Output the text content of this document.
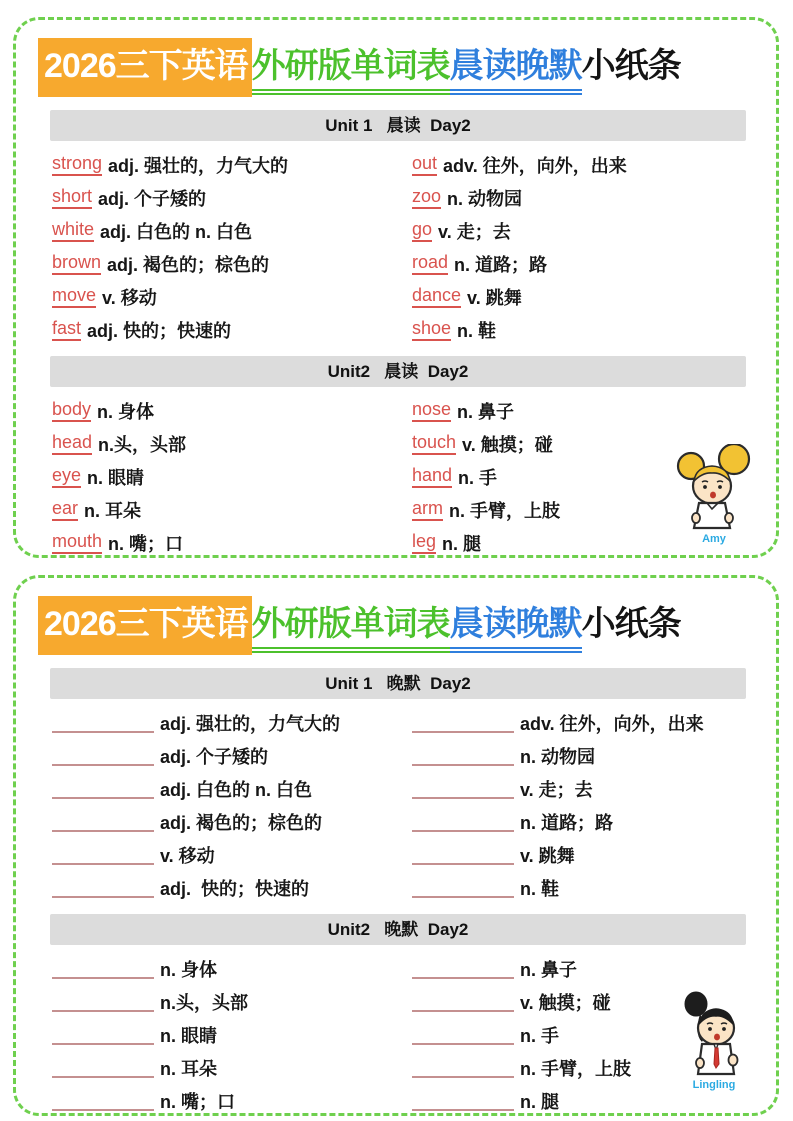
2026三下英语 外研版单词表晨读晚默小纸条
Unit 1   晨读  Day2
strong adj. 强壮的，力气大的
short adj. 个子矮的
white adj. 白色的 n. 白色
brown adj. 褐色的；棕色的
move v. 移动
fast adj. 快的；快速的
out adv. 往外，向外，出来
zoo n. 动物园
go v. 走；去
road n. 道路；路
dance v. 跳舞
shoe n. 鞋
Unit2   晨读  Day2
body n. 身体
head n.头，头部
eye n. 眼睛
ear n. 耳朵
mouth n. 嘴；口
nose n. 鼻子
touch v. 触摸；碰
hand n. 手
arm n. 手臂，上肢
leg n. 腿	Amy
2026三下英语 外研版单词表晨读晚默小纸条
Unit 1   晚默  Day2
adj. 强壮的，力气大的
adj. 个子矮的
adj. 白色的 n. 白色
adj. 褐色的；棕色的
v. 移动
adj.  快的；快速的
adv. 往外，向外，出来
n. 动物园
v. 走；去
n. 道路；路
v. 跳舞
n. 鞋
Unit2   晚默  Day2
n. 身体
n.头，头部
n. 眼睛
n. 耳朵
n. 嘴；口
n. 鼻子
v. 触摸；碰
n. 手
n. 手臂，上肢
n. 腿
Lingling
